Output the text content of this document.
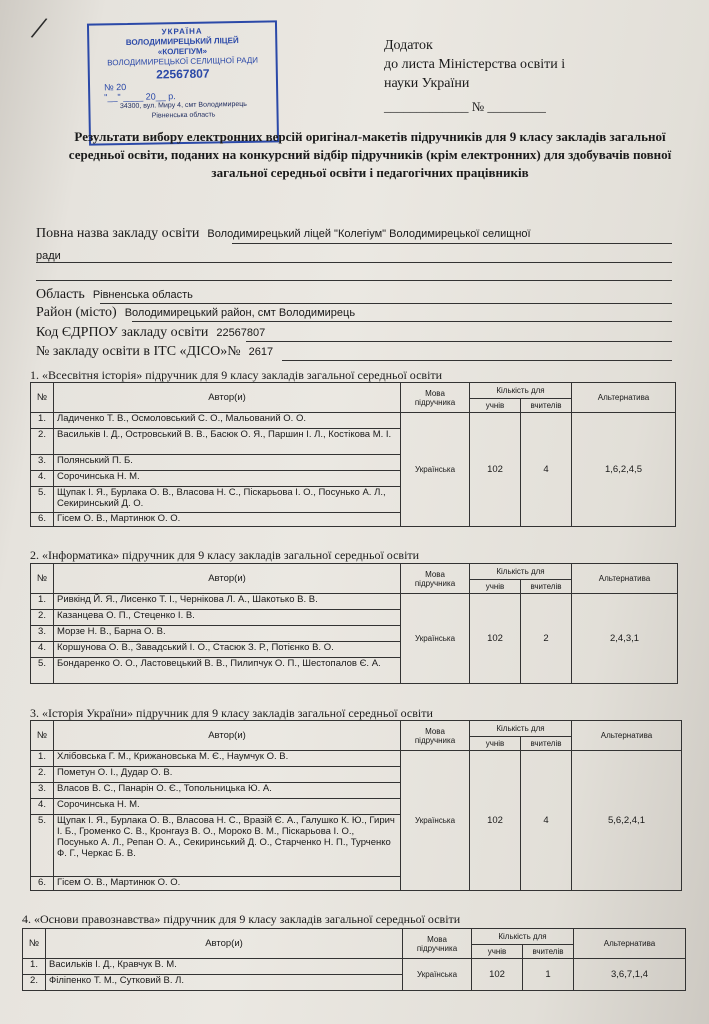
/	УКРАЇНА
ВОЛОДИМИРЕЦЬКИЙ ЛІЦЕЙ
«КОЛЕГІУМ»
ВОЛОДИМИРЕЦЬКОЇ СЕЛИЩНОЇ РАДИ
22567807
№ 20
"__" ____ 20__ р.
34300, вул. Миру 4, смт Володимирець
Рівненська область
Додаток
до листа Міністерства освіти і
науки України
_____________ № _________
Результати вибору електронних версій оригінал-макетів підручників для 9 класу закладів загальної середньої освіти, поданих на конкурсний відбір підручників (крім електронних) для здобувачів повної загальної середньої освіти і педагогічних працівників
Повна назва закладу освіти Володимирецький ліцей "Колегіум" Володимирецької селищної
ради
Область Рівненська область
Район (місто) Володимирецький район, смт Володимирець
Код ЄДРПОУ закладу освіти 22567807
№ закладу освіти в ІТС «ДІСО»№ 2617
1. «Всесвітня історія» підручник для 9 класу закладів загальної середньої освіти
№	Автор(и)	Мова підручника	Кількість для		Альтернатива
			учнів	вчителів	
1.	Ладиченко Т. В., Осмоловський С. О., Мальований О. О.	Українська	102	4	1,6,2,4,5
2.	Васильків І. Д., Островський В. В., Басюк О. Я., Паршин І. Л., Костікова М. І.				
3.	Полянський П. Б.				
4.	Сорочинська Н. М.				
5.	Щупак І. Я., Бурлака О. В., Власова Н. С., Піскарьова І. О., Посунько А. Л., Секиринський Д. О.				
6.	Гісем О. В., Мартинюк О. О.				
2. «Інформатика» підручник для 9 класу закладів загальної середньої освіти
№	Автор(и)	Мова підручника	Кількість для		Альтернатива
			учнів	вчителів	
1.	Ривкінд Й. Я., Лисенко Т. І., Чернікова Л. А., Шакотько В. В.	Українська	102	2	2,4,3,1
2.	Казанцева О. П., Стеценко І. В.				
3.	Морзе Н. В., Барна О. В.				
4.	Коршунова О. В., Завадський І. О., Стасюк З. Р., Потієнко В. О.				
5.	Бондаренко О. О., Ластовецький В. В., Пилипчук О. П., Шестопалов Є. А.				
3. «Історія України» підручник для 9 класу закладів загальної середньої освіти
№	Автор(и)	Мова підручника	Кількість для		Альтернатива
			учнів	вчителів	
1.	Хлібовська Г. М., Крижановська М. Є., Наумчук О. В.	Українська	102	4	5,6,2,4,1
2.	Пометун О. І., Дудар О. В.				
3.	Власов В. С., Панарін О. Є., Топольницька Ю. А.				
4.	Сорочинська Н. М.				
5.	Щупак І. Я., Бурлака О. В., Власова Н. С., Вразій Є. А., Галушко К. Ю., Гирич І. Б., Громенко С. В., Кронгауз В. О., Мороко В. М., Піскарьова І. О., Посунько А. Л., Репан О. А., Секиринський Д. О., Старченко Н. П., Турченко Ф. Г., Черкас Б. В.				
6.	Гісем О. В., Мартинюк О. О.				
4. «Основи правознавства» підручник для 9 класу закладів загальної середньої освіти
№	Автор(и)	Мова підручника	Кількість для		Альтернатива
			учнів	вчителів	
1.	Васильків І. Д., Кравчук В. М.	Українська	102	1	3,6,7,1,4
2.	Філіпенко Т. М., Сутковий В. Л.				
